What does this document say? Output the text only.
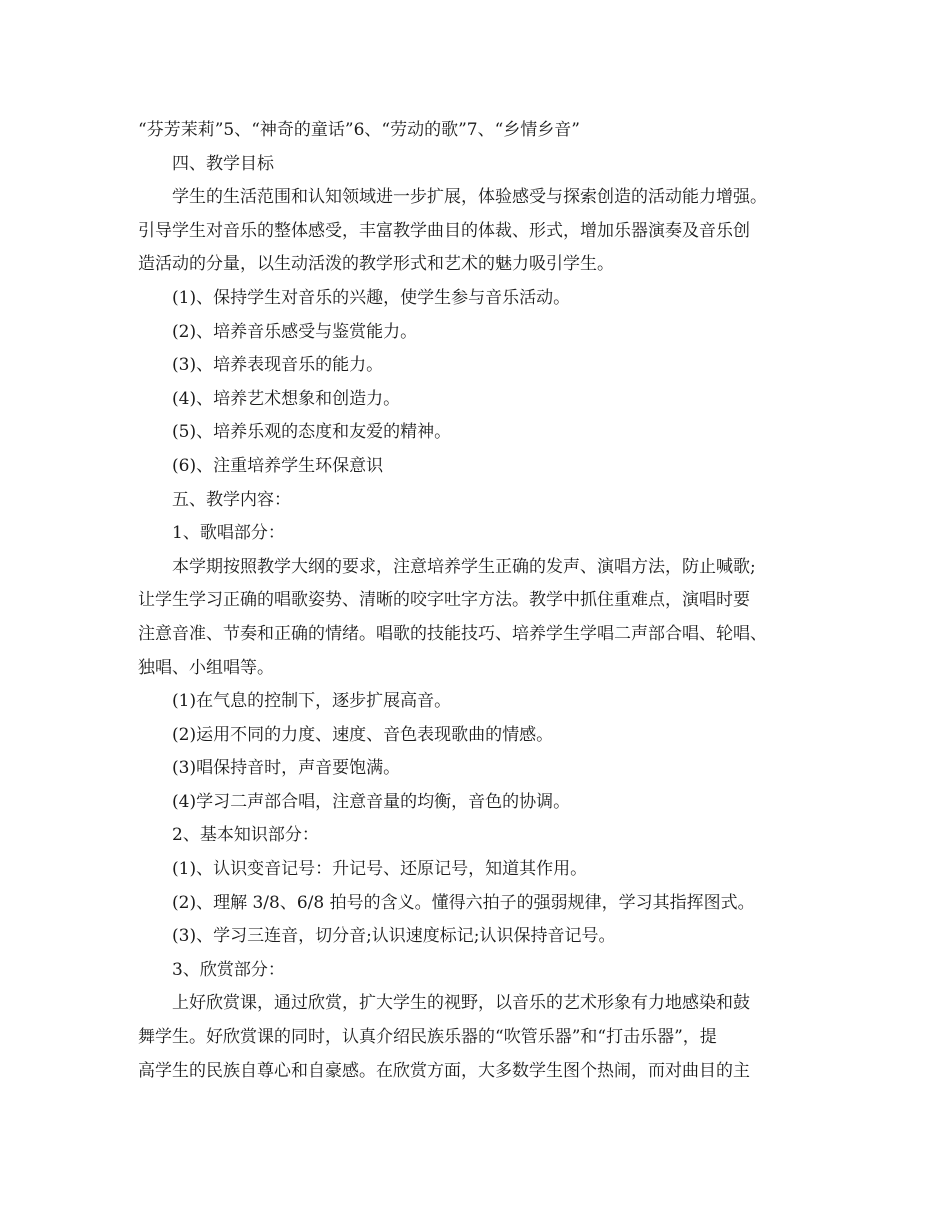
“芬芳茉莉”5、“神奇的童话”6、“劳动的歌”7、“乡情乡音”
四、教学目标
学生的生活范围和认知领域进一步扩展，体验感受与探索创造的活动能力增强。
引导学生对音乐的整体感受，丰富教学曲目的体裁、形式，增加乐器演奏及音乐创
造活动的分量，以生动活泼的教学形式和艺术的魅力吸引学生。
(1)、保持学生对音乐的兴趣，使学生参与音乐活动。
(2)、培养音乐感受与鉴赏能力。
(3)、培养表现音乐的能力。
(4)、培养艺术想象和创造力。
(5)、培养乐观的态度和友爱的精神。
(6)、注重培养学生环保意识
五、教学内容：
1、歌唱部分：
本学期按照教学大纲的要求，注意培养学生正确的发声、演唱方法，防止喊歌;
让学生学习正确的唱歌姿势、清晰的咬字吐字方法。教学中抓住重难点，演唱时要
注意音准、节奏和正确的情绪。唱歌的技能技巧、培养学生学唱二声部合唱、轮唱、
独唱、小组唱等。
(1)在气息的控制下，逐步扩展高音。
(2)运用不同的力度、速度、音色表现歌曲的情感。
(3)唱保持音时，声音要饱满。
(4)学习二声部合唱，注意音量的均衡，音色的协调。
2、基本知识部分：
(1)、认识变音记号：升记号、还原记号，知道其作用。
(2)、理解 3/8、6/8 拍号的含义。懂得六拍子的强弱规律，学习其指挥图式。
(3)、学习三连音，切分音;认识速度标记;认识保持音记号。
3、欣赏部分：
上好欣赏课，通过欣赏，扩大学生的视野，以音乐的艺术形象有力地感染和鼓
舞学生。好欣赏课的同时，认真介绍民族乐器的“吹管乐器”和“打击乐器”，提
高学生的民族自尊心和自豪感。在欣赏方面，大多数学生图个热闹，而对曲目的主
